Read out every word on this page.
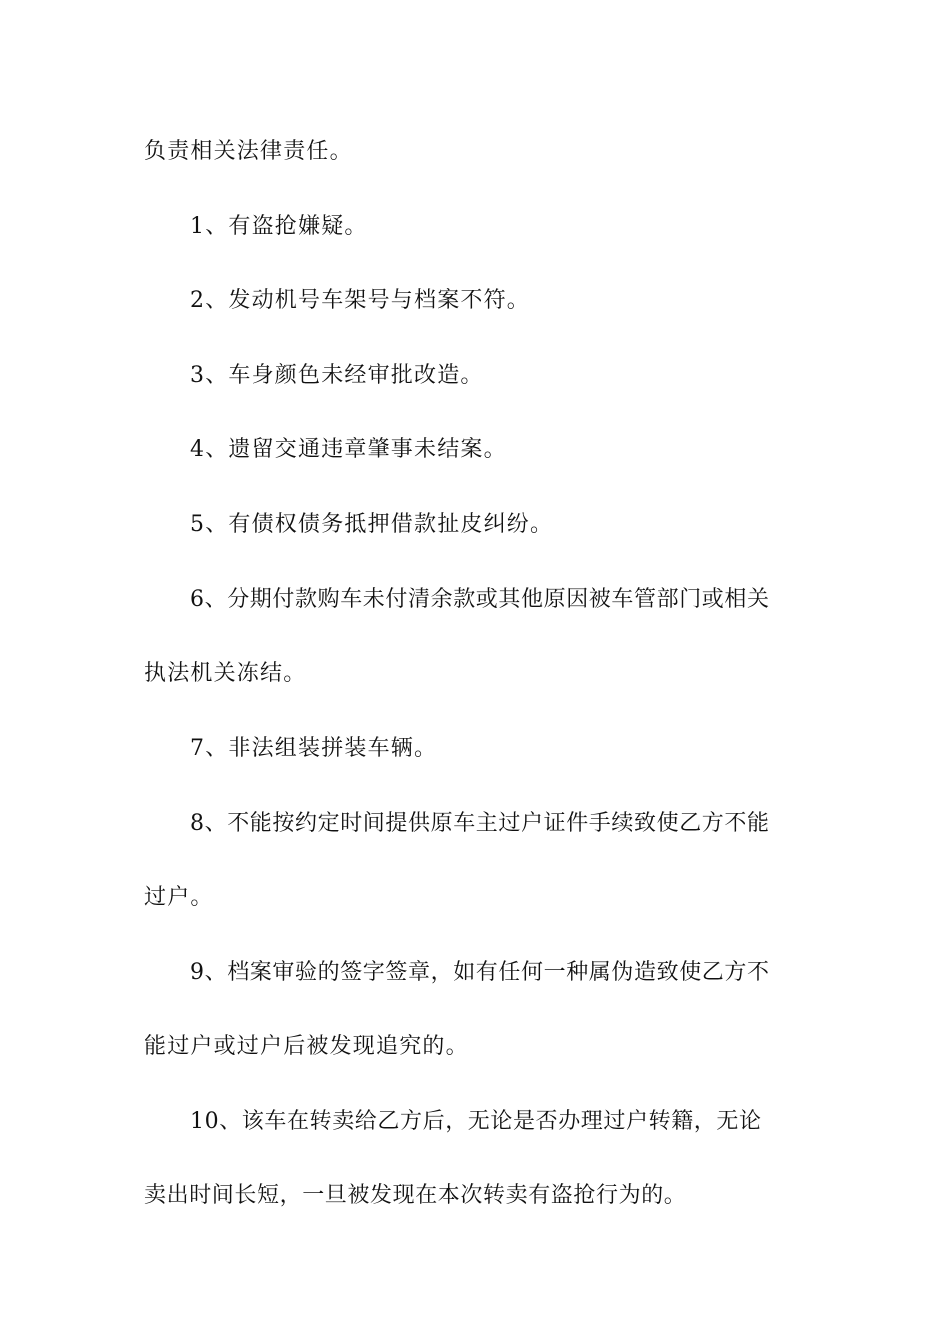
负责相关法律责任。
1、有盗抢嫌疑。
2、发动机号车架号与档案不符。
3、车身颜色未经审批改造。
4、遗留交通违章肇事未结案。
5、有债权债务抵押借款扯皮纠纷。
6、分期付款购车未付清余款或其他原因被车管部门或相关
执法机关冻结。
7、非法组装拼装车辆。
8、不能按约定时间提供原车主过户证件手续致使乙方不能
过户。
9、档案审验的签字签章，如有任何一种属伪造致使乙方不
能过户或过户后被发现追究的。
10、该车在转卖给乙方后，无论是否办理过户转籍，无论
卖出时间长短，一旦被发现在本次转卖有盗抢行为的。
